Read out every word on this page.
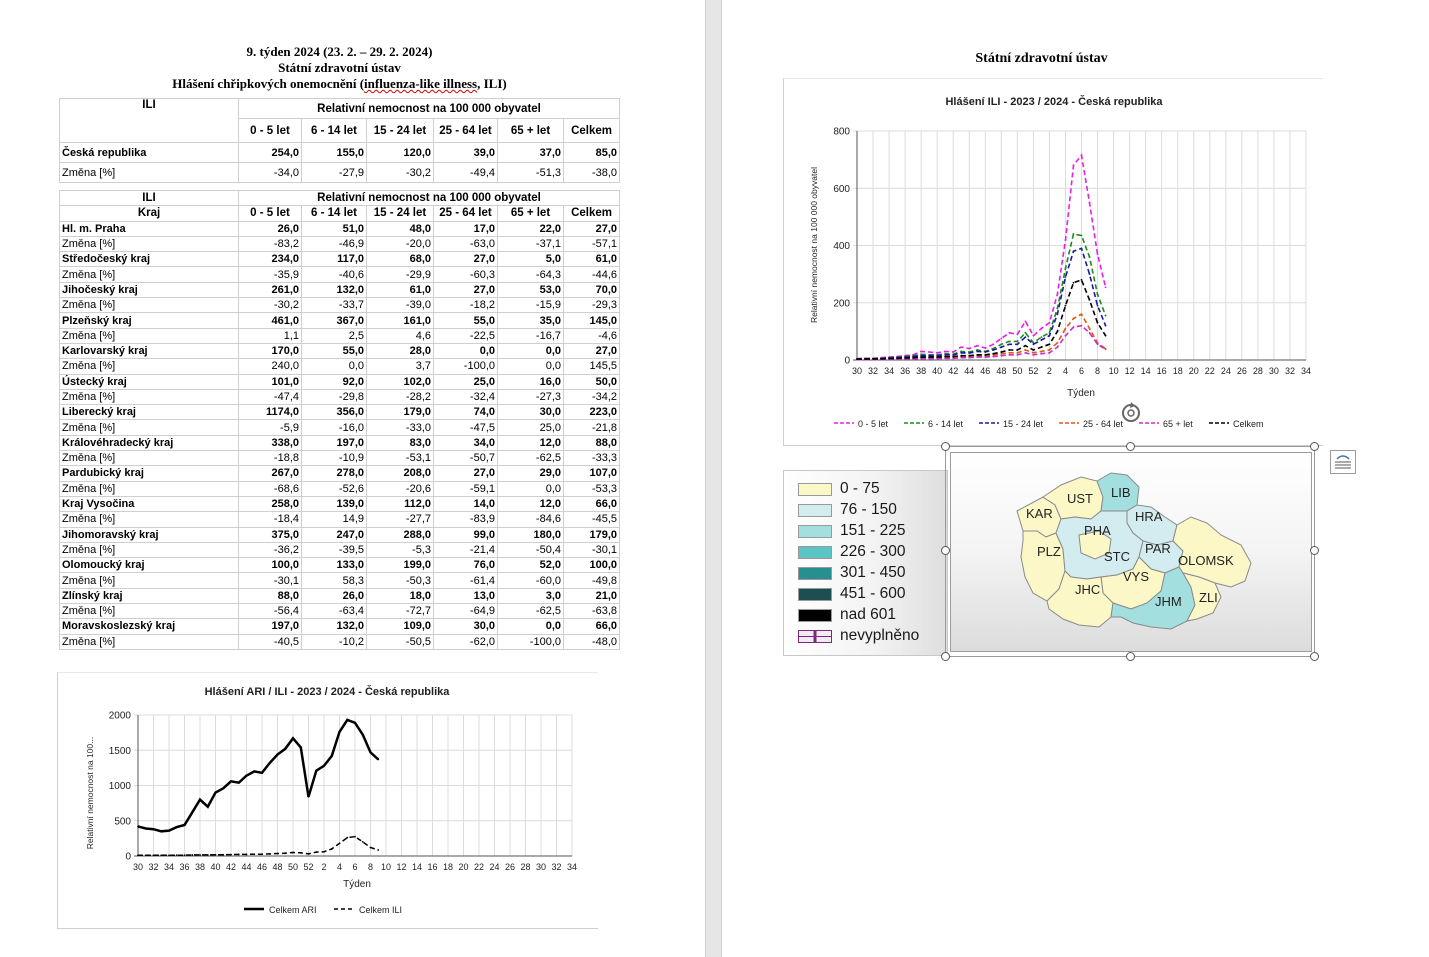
9. týden 2024 (23. 2. – 29. 2. 2024)
Státní zdravotní ústav
Hlášení chřipkových onemocnění (influenza-like illness, ILI)
ILI	Relativní nemocnost na 100 000 obyvatel					
	0 - 5 let	6 - 14 let	15 - 24 let	25 - 64 let	65 + let	Celkem
Česká republika	254,0	155,0	120,0	39,0	37,0	85,0
Změna [%]	-34,0	-27,9	-30,2	-49,4	-51,3	-38,0
ILI	Relativní nemocnost na 100 000 obyvatel					
Kraj	0 - 5 let	6 - 14 let	15 - 24 let	25 - 64 let	65 + let	Celkem
Hl. m. Praha	26,0	51,0	48,0	17,0	22,0	27,0
Změna [%]	-83,2	-46,9	-20,0	-63,0	-37,1	-57,1
Středočeský kraj	234,0	117,0	68,0	27,0	5,0	61,0
Změna [%]	-35,9	-40,6	-29,9	-60,3	-64,3	-44,6
Jihočeský kraj	261,0	132,0	61,0	27,0	53,0	70,0
Změna [%]	-30,2	-33,7	-39,0	-18,2	-15,9	-29,3
Plzeňský kraj	461,0	367,0	161,0	55,0	35,0	145,0
Změna [%]	1,1	2,5	4,6	-22,5	-16,7	-4,6
Karlovarský kraj	170,0	55,0	28,0	0,0	0,0	27,0
Změna [%]	240,0	0,0	3,7	-100,0	0,0	145,5
Ústecký kraj	101,0	92,0	102,0	25,0	16,0	50,0
Změna [%]	-47,4	-29,8	-28,2	-32,4	-27,3	-34,2
Liberecký kraj	1174,0	356,0	179,0	74,0	30,0	223,0
Změna [%]	-5,9	-16,0	-33,0	-47,5	25,0	-21,8
Královéhradecký kraj	338,0	197,0	83,0	34,0	12,0	88,0
Změna [%]	-18,8	-10,9	-53,1	-50,7	-62,5	-33,3
Pardubický kraj	267,0	278,0	208,0	27,0	29,0	107,0
Změna [%]	-68,6	-52,6	-20,6	-59,1	0,0	-53,3
Kraj Vysočina	258,0	139,0	112,0	14,0	12,0	66,0
Změna [%]	-18,4	14,9	-27,7	-83,9	-84,6	-45,5
Jihomoravský kraj	375,0	247,0	288,0	99,0	180,0	179,0
Změna [%]	-36,2	-39,5	-5,3	-21,4	-50,4	-30,1
Olomoucký kraj	100,0	133,0	199,0	76,0	52,0	100,0
Změna [%]	-30,1	58,3	-50,3	-61,4	-60,0	-49,8
Zlínský kraj	88,0	26,0	18,0	13,0	3,0	21,0
Změna [%]	-56,4	-63,4	-72,7	-64,9	-62,5	-63,8
Moravskoslezský kraj	197,0	132,0	109,0	30,0	0,0	66,0
Změna [%]	-40,5	-10,2	-50,5	-62,0	-100,0	-48,0
Hlášení ARI / ILI - 2023 / 2024 - Česká republika
Relativní nemocnost na 100...
Týden
30 32 34 36 38 40 42 44 46 48 50 52 2 4 6 8 10 12 14 16 18 20 22 24 26 28 30 32 34
0
500
1000
1500
2000
Celkem ARI	Celkem ILI
Státní zdravotní ústav
Hlášení ILI - 2023 / 2024 - Česká republika
Relativní nemocnost na 100 000 obyvatel
Týden
30 32 34 36 38 40 42 44 46 48 50 52 2 4 6 8 10 12 14 16 18 20 22 24 26 28 30 32 34
0
200
400
600
800
0 - 5 let	6 - 14 let	15 - 24 let	25 - 64 let	65 + let	Celkem
0 - 75
76 - 150
151 - 225
226 - 300
301 - 450
451 - 600
nad 601
nevyplněno
KAR
UST LIB
HRA
PHA
PLZ	STC
PAR
OLOMSK
VYS
JHC
JHM ZLI
